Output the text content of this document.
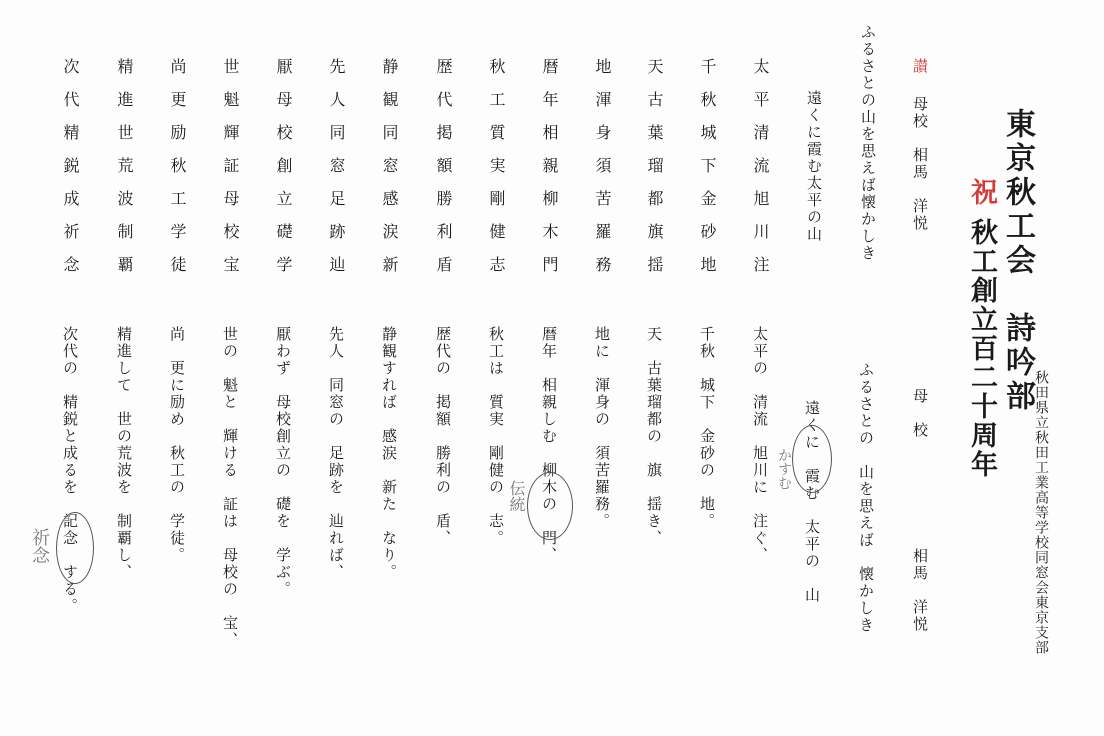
東京秋工会　詩吟部
秋田県立秋田工業高等学校同窓会東京支部
祝
秋工創立百二十周年
讃
母校　相馬　洋悦
ふるさとの山を思えば懐かしき
遠くに霞む太平の山
太平清流旭川注
千秋城下金砂地
天古葉瑠都旗揺
地渾身須苦羅務
暦年相親柳木門
秋工質実剛健志
歴代掲額勝利盾
静観同窓感涙新
先人同窓足跡辿
厭母校創立礎学
世魁輝証母校宝
尚更励秋工学徒
精進世荒波制覇
次代精鋭成祈念
母　校
相馬　洋悦
ふるさとの　山を思えば　懐かしき
遠くに　霞む　太平の　山
太平の　清流　旭川に　注ぐ、
千秋　城下　金砂の　地。
天　古葉瑠都の　旗　揺き、
地に　渾身の　須苦羅務。
暦年　相親しむ　柳木の　門、
秋工は　質実　剛健の　志。
歴代の　掲額　勝利の　盾、
静観すれば　感涙　新た　なり。
先人　同窓の　足跡を　辿れば、
厭わず　母校創立の　礎を　学ぶ。
世の　魁と　輝ける　証は　母校の　宝、
尚　更に励め　秋工の　学徒。
精進して　世の荒波を　制覇し、
次代の　精鋭と成るを　記念　する。	かすむ
伝統
祈念
